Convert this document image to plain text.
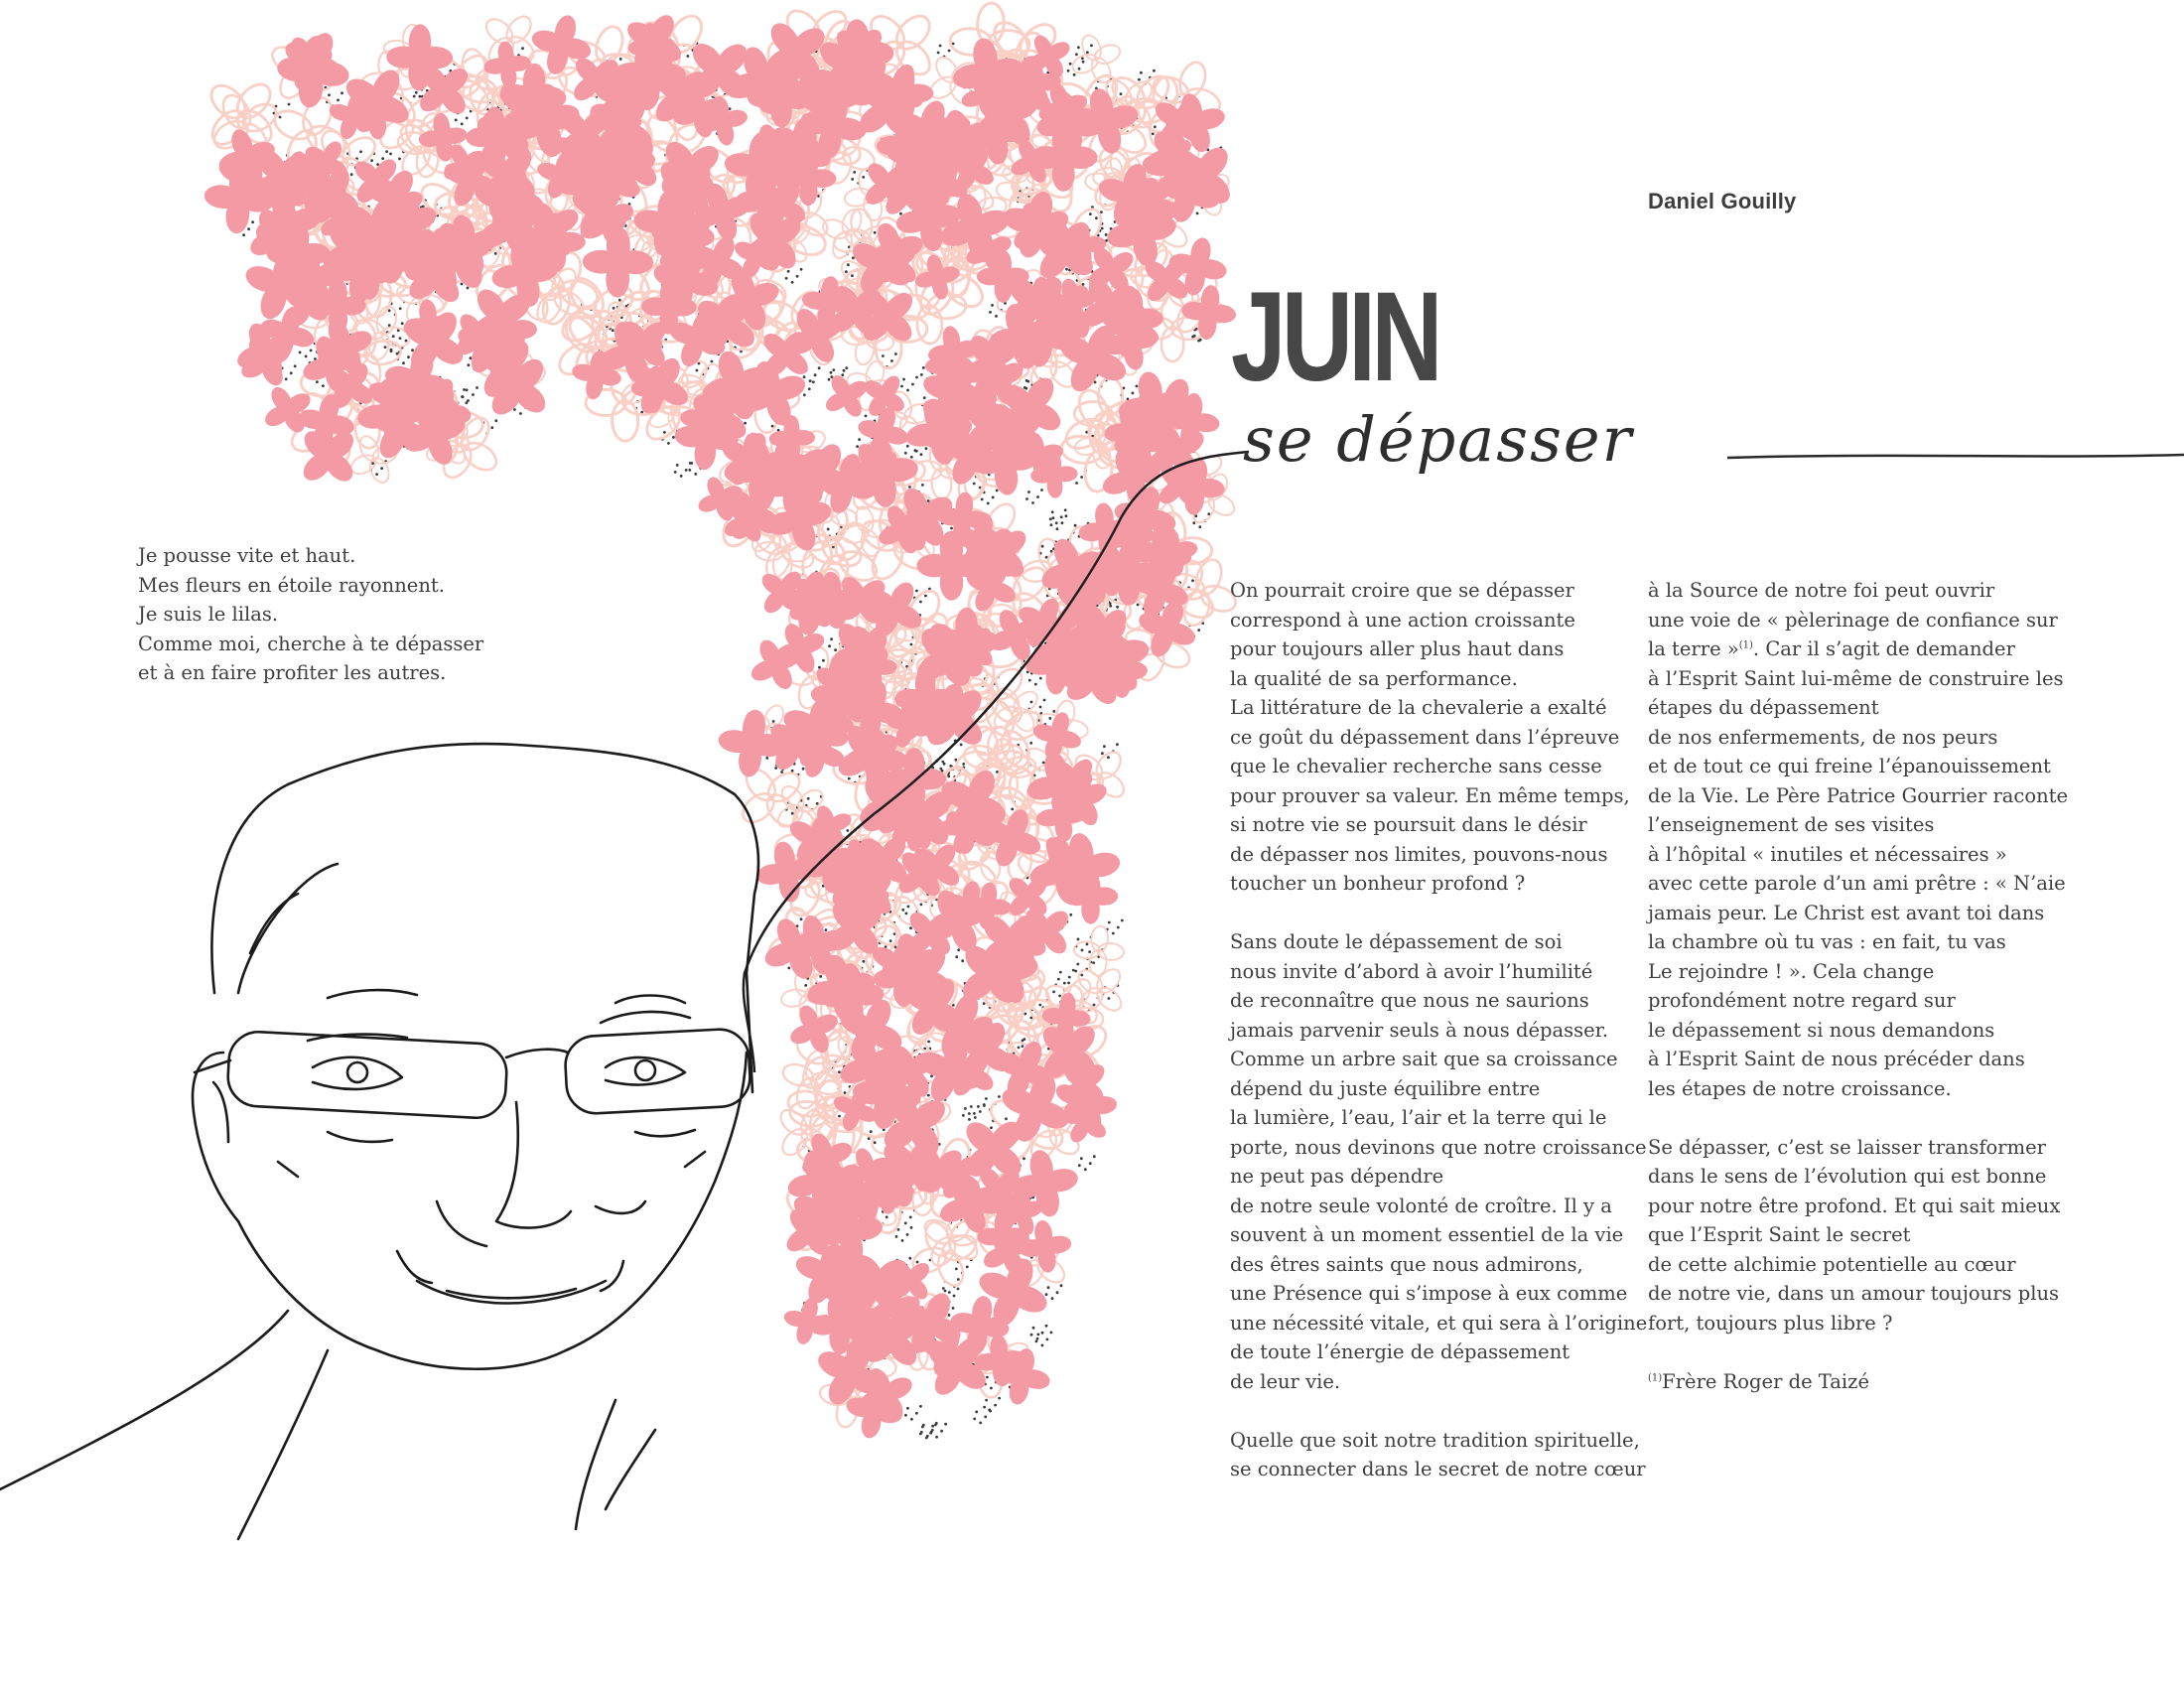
Daniel Gouilly
JUIN
se dépasser
Je pousse vite et haut.
Mes fleurs en étoile rayonnent.
Je suis le lilas.
Comme moi, cherche à te dépasser
et à en faire profiter les autres.

On pourrait croire que se dépasser
correspond à une action croissante
pour toujours aller plus haut dans
la qualité de sa performance.
La littérature de la chevalerie a exalté
ce goût du dépassement dans l’épreuve
que le chevalier recherche sans cesse
pour prouver sa valeur. En même temps,
si notre vie se poursuit dans le désir
de dépasser nos limites, pouvons-nous
toucher un bonheur profond ?

Sans doute le dépassement de soi
nous invite d’abord à avoir l’humilité
de reconnaître que nous ne saurions
jamais parvenir seuls à nous dépasser.
Comme un arbre sait que sa croissance
dépend du juste équilibre entre
la lumière, l’eau, l’air et la terre qui le
porte, nous devinons que notre croissance
ne peut pas dépendre
de notre seule volonté de croître. Il y a
souvent à un moment essentiel de la vie
des êtres saints que nous admirons,
une Présence qui s’impose à eux comme
une nécessité vitale, et qui sera à l’origine
de toute l’énergie de dépassement
de leur vie.

Quelle que soit notre tradition spirituelle,
se connecter dans le secret de notre cœur

à la Source de notre foi peut ouvrir
une voie de « pèlerinage de confiance sur
la terre »$^{(1)}$. Car il s’agit de demander
à l’Esprit Saint lui-même de construire les
étapes du dépassement
de nos enfermements, de nos peurs
et de tout ce qui freine l’épanouissement
de la Vie. Le Père Patrice Gourrier raconte
l’enseignement de ses visites
à l’hôpital « inutiles et nécessaires »
avec cette parole d’un ami prêtre : « N’aie
jamais peur. Le Christ est avant toi dans
la chambre où tu vas : en fait, tu vas
Le rejoindre ! ». Cela change
profondément notre regard sur
le dépassement si nous demandons
à l’Esprit Saint de nous précéder dans
les étapes de notre croissance.

Se dépasser, c’est se laisser transformer
dans le sens de l’évolution qui est bonne
pour notre être profond. Et qui sait mieux
que l’Esprit Saint le secret
de cette alchimie potentielle au cœur
de notre vie, dans un amour toujours plus
fort, toujours plus libre ?

$^{(1)}$Frère Roger de Taizé
